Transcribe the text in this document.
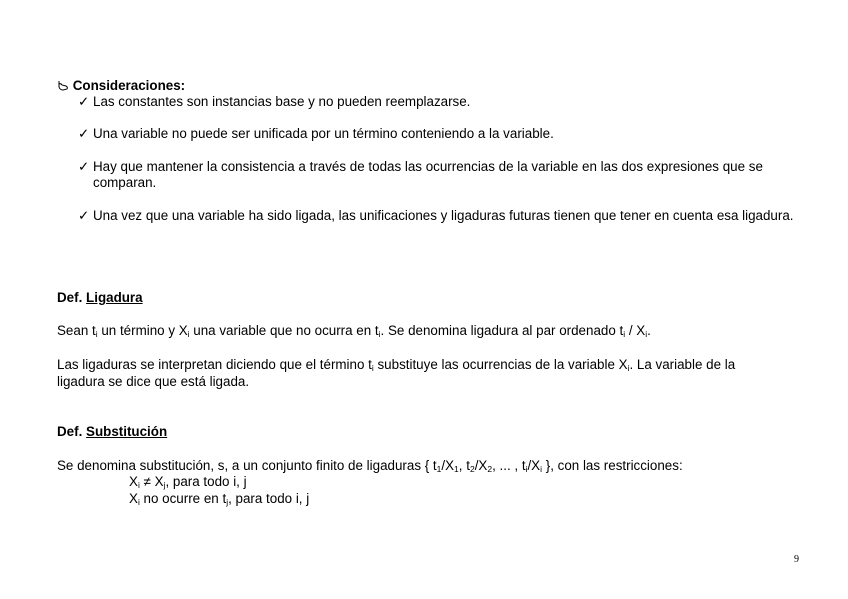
Consideraciones:
✓ Las constantes son instancias base y no pueden reemplazarse.
✓ Una variable no puede ser unificada por un término conteniendo a la variable.
✓ Hay que mantener la consistencia a través de todas las ocurrencias de la variable en las dos expresiones que se comparan.
✓ Una vez que una variable ha sido ligada, las unificaciones y ligaduras futuras tienen que tener en cuenta esa ligadura.
Def. Ligadura
Sean $t_i$ un término y $X_i$ una variable que no ocurra en $t_i$. Se denomina ligadura al par ordenado $t_i / X_i$.
Las ligaduras se interpretan diciendo que el término $t_i$ substituye las ocurrencias de la variable $X_i$. La variable de la
ligadura se dice que está ligada.
Def. Substitución
Se denomina substitución, s, a un conjunto finito de ligaduras { $t_1/X_1$, $t_2/X_2$, ... , $t_i/X_i$ }, con las restricciones:
$X_i \ne X_j$, para todo i, j
$X_i$ no ocurre en $t_j$, para todo i, j
9
